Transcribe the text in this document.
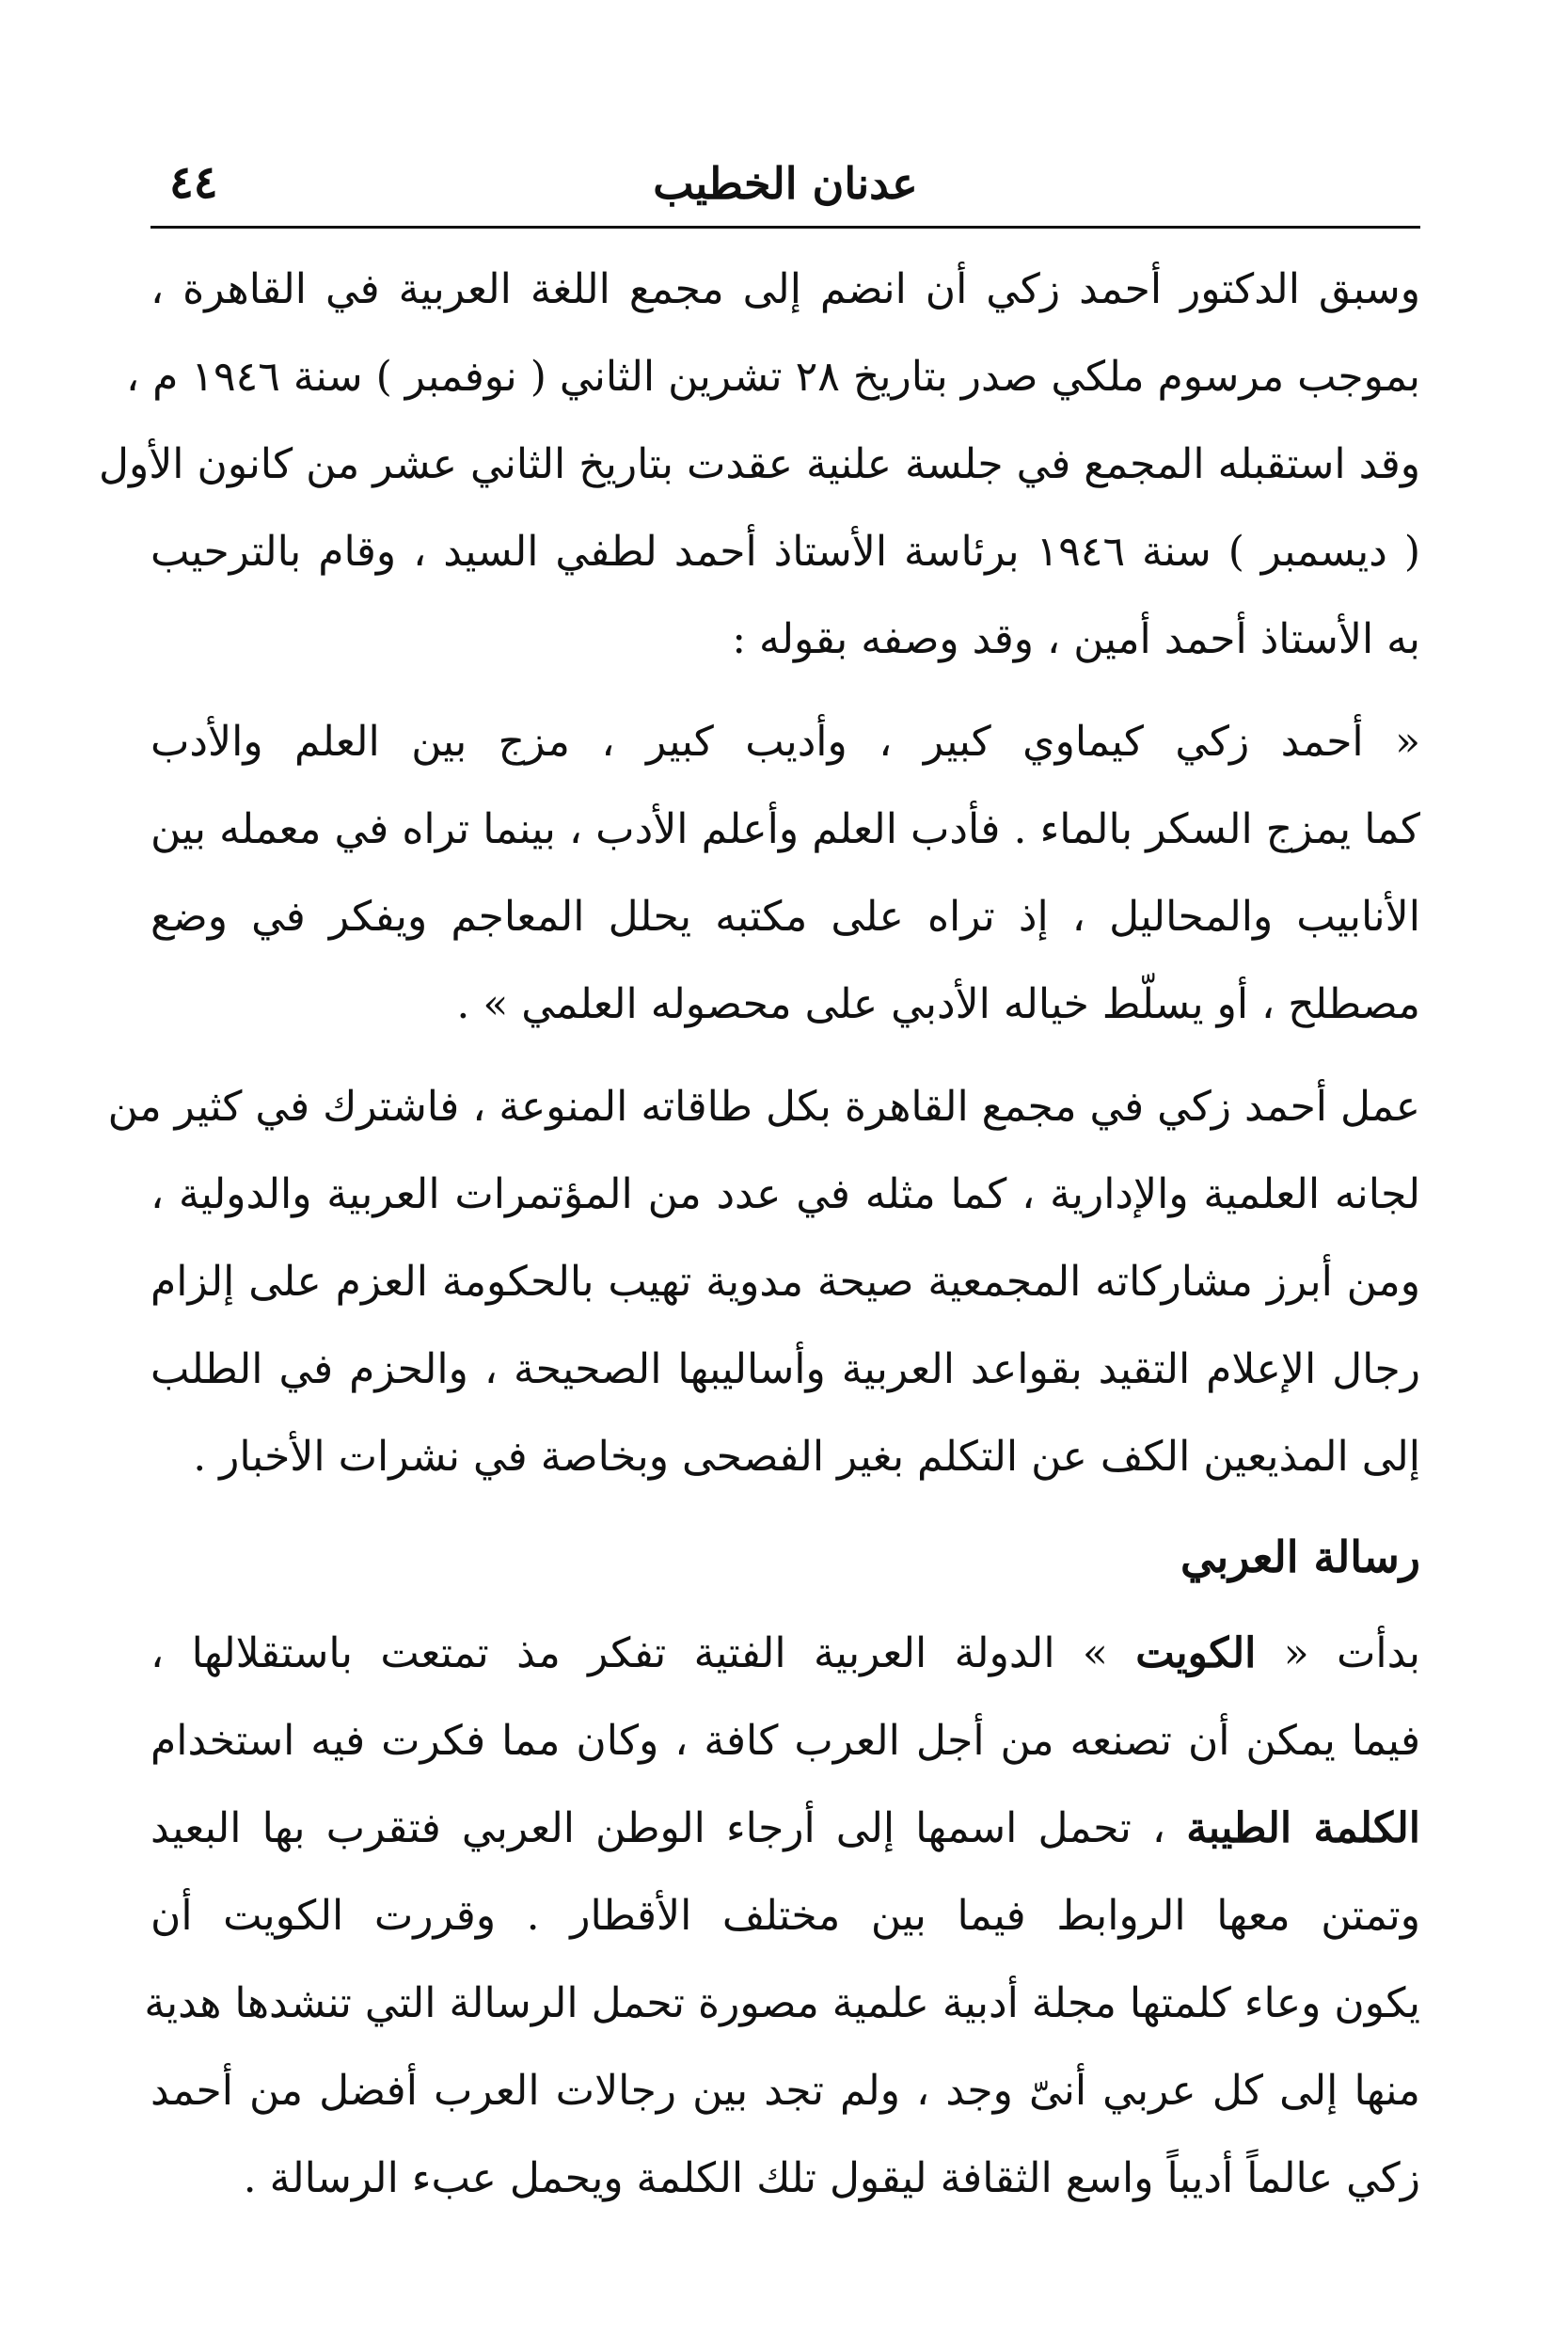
عدنان الخطيب
٤٤
وسبق الدكتور أحمد زكي أن انضم إلى مجمع اللغة العربية في القاهرة ،
بموجب مرسوم ملكي صدر بتاريخ ٢٨ تشرين الثاني ( نوفمبر ) سنة ١٩٤٦ م ،
وقد استقبله المجمع في جلسة علنية عقدت بتاريخ الثاني عشر من كانون الأول
( ديسمبر ) سنة ١٩٤٦ برئاسة الأستاذ أحمد لطفي السيد ، وقام بالترحيب
به الأستاذ أحمد أمين ، وقد وصفه بقوله :
« أحمد زكي كيماوي كبير ، وأديب كبير ، مزج بين العلم والأدب
كما يمزج السكر بالماء . فأدب العلم وأعلم الأدب ، بينما تراه في معمله بين
الأنابيب والمحاليل ، إذ تراه على مكتبه يحلل المعاجم ويفكر في وضع
مصطلح ، أو يسلّط خياله الأدبي على محصوله العلمي » .
عمل أحمد زكي في مجمع القاهرة بكل طاقاته المنوعة ، فاشترك في كثير من
لجانه العلمية والإدارية ، كما مثله في عدد من المؤتمرات العربية والدولية ،
ومن أبرز مشاركاته المجمعية صيحة مدوية تهيب بالحكومة العزم على إلزام
رجال الإعلام التقيد بقواعد العربية وأساليبها الصحيحة ، والحزم في الطلب
إلى المذيعين الكف عن التكلم بغير الفصحى وبخاصة في نشرات الأخبار .
رسالة العربي
بدأت « الكويت » الدولة العربية الفتية تفكر مذ تمتعت باستقلالها ،
فيما يمكن أن تصنعه من أجل العرب كافة ، وكان مما فكرت فيه استخدام
الكلمة الطيبة ، تحمل اسمها إلى أرجاء الوطن العربي فتقرب بها البعيد
وتمتن معها الروابط فيما بين مختلف الأقطار . وقررت الكويت أن
يكون وعاء كلمتها مجلة أدبية علمية مصورة تحمل الرسالة التي تنشدها هدية
منها إلى كل عربي أنىّ وجد ، ولم تجد بين رجالات العرب أفضل من أحمد
زكي عالماً أديباً واسع الثقافة ليقول تلك الكلمة ويحمل عبء الرسالة .
